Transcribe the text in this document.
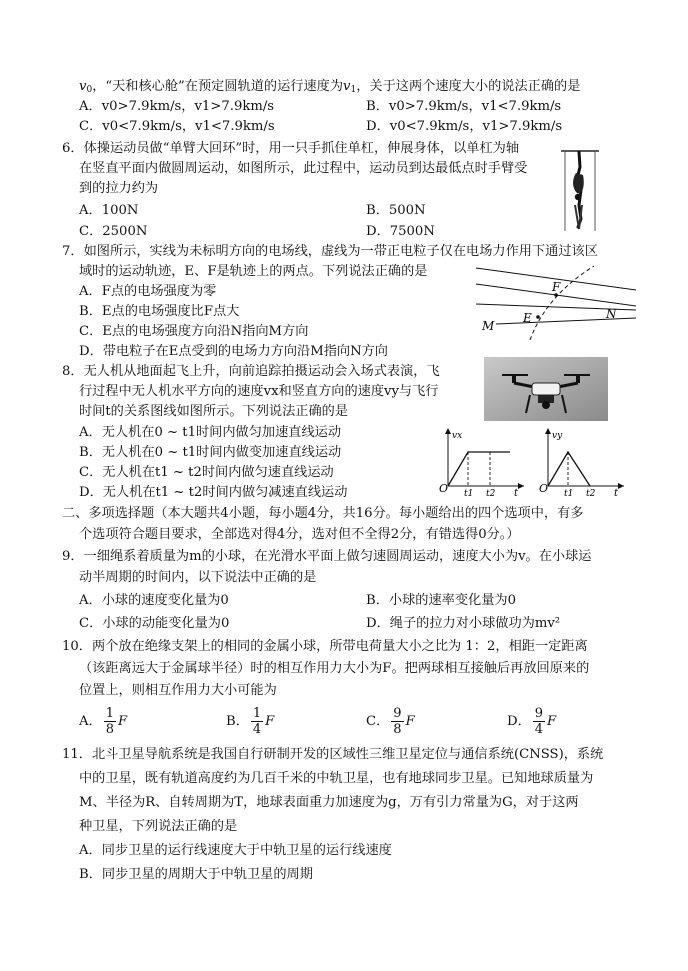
$v_0$，“天和核心舱”在预定圆轨道的运行速度为$v_1$，关于这两个速度大小的说法正确的是
A．v0>7.9km/s，v1>7.9km/s	B．v0>7.9km/s，v1<7.9km/s
C．v0<7.9km/s，v1<7.9km/s	D．v0<7.9km/s，v1>7.9km/s
6．体操运动员做“单臂大回环”时，用一只手抓住单杠，伸展身体，以单杠为轴
在竖直平面内做圆周运动，如图所示，此过程中，运动员到达最低点时手臂受
到的拉力约为
A．100N	B．500N
C．2500N	D．7500N
7．如图所示，实线为未标明方向的电场线，虚线为一带正电粒子仅在电场力作用下通过该区
域时的运动轨迹，E、F是轨迹上的两点。下列说法正确的是
A．F点的电场强度为零
B．E点的电场强度比F点大
C．E点的电场强度方向沿N指向M方向
D．带电粒子在E点受到的电场力方向沿M指向N方向
F
E
M
N
8．无人机从地面起飞上升，向前追踪拍摄运动会入场式表演，飞
行过程中无人机水平方向的速度vx和竖直方向的速度vy与飞行
时间t的关系图线如图所示。下列说法正确的是
A．无人机在0 ~ t1时间内做匀加速直线运动
B．无人机在0 ~ t1时间内做变加速直线运动
C．无人机在t1 ~ t2时间内做匀速直线运动
D．无人机在t1 ~ t2时间内做匀减速直线运动
vx
O t1 t2 t
vy
O t1 t2 t
二、多项选择题（本大题共4小题，每小题4分，共16分。每小题给出的四个选项中，有多
个选项符合题目要求，全部选对得4分，选对但不全得2分，有错选得0分。）
9．一细绳系着质量为m的小球，在光滑水平面上做匀速圆周运动，速度大小为v。在小球运
动半周期的时间内，以下说法中正确的是
A．小球的速度变化量为0	B．小球的速率变化量为0
C．小球的动能变化量为0	D．绳子的拉力对小球做功为mv²
10．两个放在绝缘支架上的相同的金属小球，所带电荷量大小之比为 1：2，相距一定距离
（该距离远大于金属球半径）时的相互作用力大小为F。把两球相互接触后再放回原来的
位置上，则相互作用力大小可能为
A． $\frac{1}{8}$ F	B． $\frac{1}{4}$ F	C． $\frac{9}{8}$ F	D． $\frac{9}{4}$ F
11．北斗卫星导航系统是我国自行研制开发的区域性三维卫星定位与通信系统(CNSS)，系统
中的卫星，既有轨道高度约为几百千米的中轨卫星，也有地球同步卫星。已知地球质量为
M、半径为R、自转周期为T，地球表面重力加速度为g，万有引力常量为G，对于这两
种卫星，下列说法正确的是
A．同步卫星的运行线速度大于中轨卫星的运行线速度
B．同步卫星的周期大于中轨卫星的周期
